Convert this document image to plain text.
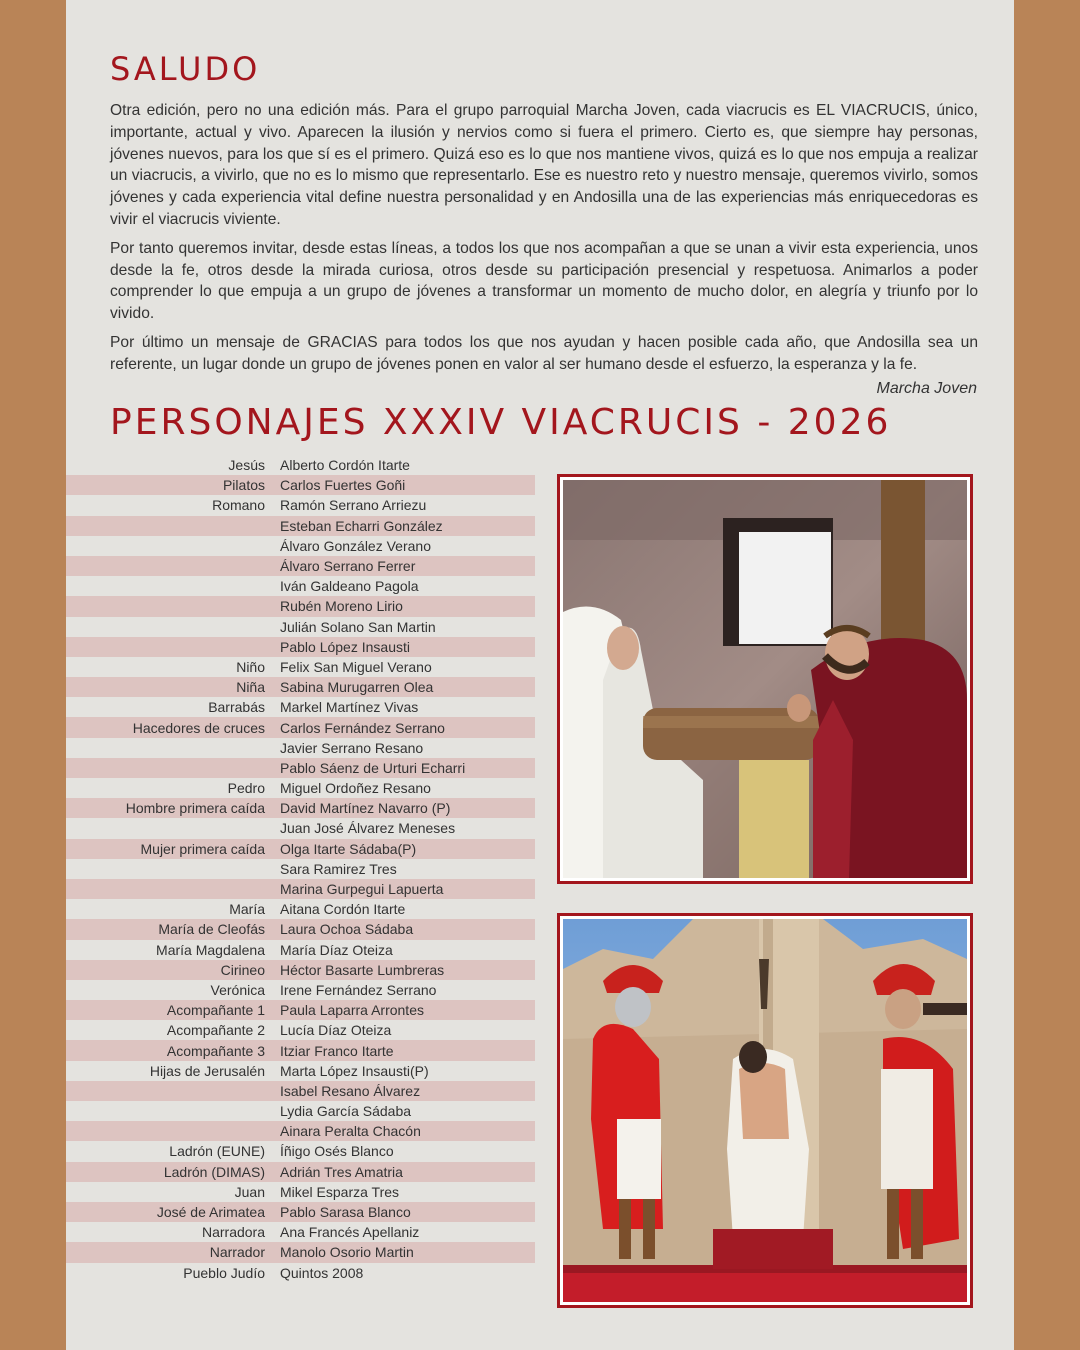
SALUDO

Otra edición, pero no una edición más. Para el grupo parroquial Marcha Joven, cada viacrucis es EL VIACRUCIS, único, importante, actual y vivo. Aparecen la ilusión y nervios como si fuera el primero. Cierto es, que siempre hay personas, jóvenes nuevos, para los que sí es el primero. Quizá eso es lo que nos mantiene vivos, quizá es lo que nos empuja a realizar un viacrucis, a vivirlo, que no es lo mismo que representarlo. Ese es nuestro reto y nuestro mensaje, queremos vivirlo, somos jóvenes y cada experiencia vital define nuestra personalidad y en Andosilla una de las experiencias más enriquecedoras es vivir el viacrucis viviente.

Por tanto queremos invitar, desde estas líneas, a todos los que nos acompañan a que se unan a vivir esta experiencia, unos desde la fe, otros desde la mirada curiosa, otros desde su participación presencial y respetuosa. Animarlos a poder comprender lo que empuja a un grupo de jóvenes a transformar un momento de mucho dolor, en alegría y triunfo por lo vivido.

Por último un mensaje de GRACIAS para todos los que nos ayudan y hacen posible cada año, que Andosilla sea un referente, un lugar donde un grupo de jóvenes ponen en valor al ser humano desde el esfuerzo, la esperanza y la fe.

Marcha Joven
PERSONAJES XXXIV VIACRUCIS - 2026
Jesús Alberto Cordón Itarte
Pilatos Carlos Fuertes Goñi
Romano Ramón Serrano Arriezu
Esteban Echarri González
Álvaro González Verano
Álvaro Serrano Ferrer
Iván Galdeano Pagola
Rubén Moreno Lirio
Julián Solano San Martin
Pablo López Insausti
Niño Felix San Miguel Verano
Niña Sabina Murugarren Olea
Barrabás Markel Martínez Vivas
Hacedores de cruces Carlos Fernández Serrano
Javier Serrano Resano
Pablo Sáenz de Urturi Echarri
Pedro Miguel Ordoñez Resano
Hombre primera caída David Martínez Navarro (P)
Juan José Álvarez Meneses
Mujer primera caída Olga Itarte Sádaba(P)
Sara Ramirez Tres
Marina Gurpegui Lapuerta
María Aitana Cordón Itarte
María de Cleofás Laura Ochoa Sádaba
María Magdalena María Díaz Oteiza
Cirineo Héctor Basarte Lumbreras
Verónica Irene Fernández Serrano
Acompañante 1 Paula Laparra Arrontes
Acompañante 2 Lucía Díaz Oteiza
Acompañante 3 Itziar Franco Itarte
Hijas de Jerusalén Marta López Insausti(P)
Isabel Resano Álvarez
Lydia García Sádaba
Ainara Peralta Chacón
Ladrón (EUNE) Íñigo Osés Blanco
Ladrón (DIMAS) Adrián Tres Amatria
Juan Mikel Esparza Tres
José de Arimatea Pablo Sarasa Blanco
Narradora Ana Francés Apellaniz
Narrador Manolo Osorio Martin
Pueblo Judío Quintos 2008
